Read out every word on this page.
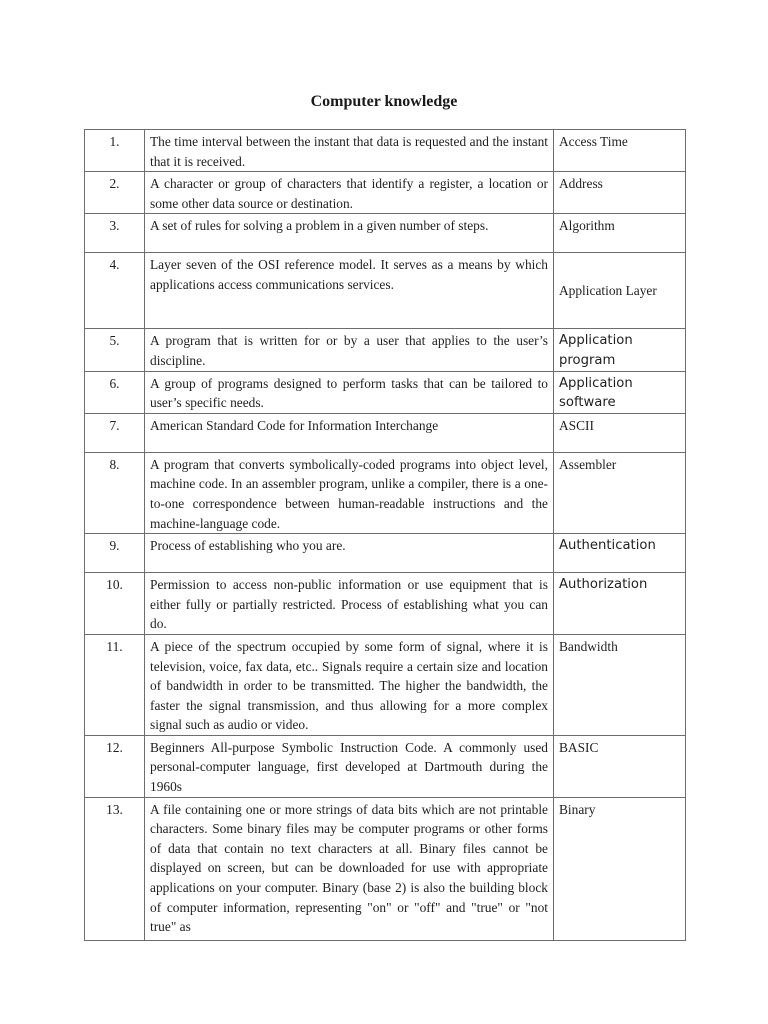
Computer knowledge
1.	The time interval between the instant that data is requested and the instant that it is received.	Access Time
2.	A character or group of characters that identify a register, a location or some other data source or destination.	Address
3.	A set of rules for solving a problem in a given number of steps.	Algorithm
4.	Layer seven of the OSI reference model. It serves as a means by which applications access communications services.	Application Layer
5.	A program that is written for or by a user that applies to the user’s discipline.	Application program
6.	A group of programs designed to perform tasks that can be tailored to user’s specific needs.	Application software
7.	American Standard Code for Information Interchange	ASCII
8.	A program that converts symbolically-coded programs into object level, machine code. In an assembler program, unlike a compiler, there is a one-to-one correspondence between human-readable instructions and the machine-language code.	Assembler
9.	Process of establishing who you are.	Authentication
10.	Permission to access non-public information or use equipment that is either fully or partially restricted. Process of establishing what you can do.	Authorization
11.	A piece of the spectrum occupied by some form of signal, where it is television, voice, fax data, etc.. Signals require a certain size and location of bandwidth in order to be transmitted. The higher the bandwidth, the faster the signal transmission, and thus allowing for a more complex signal such as audio or video.	Bandwidth
12.	Beginners All-purpose Symbolic Instruction Code. A commonly used personal-computer language, first developed at Dartmouth during the 1960s	BASIC
13.	A file containing one or more strings of data bits which are not printable characters. Some binary files may be computer programs or other forms of data that contain no text characters at all. Binary files cannot be displayed on screen, but can be downloaded for use with appropriate applications on your computer. Binary (base 2) is also the building block of computer information, representing "on" or "off" and "true" or "not true" as	Binary
